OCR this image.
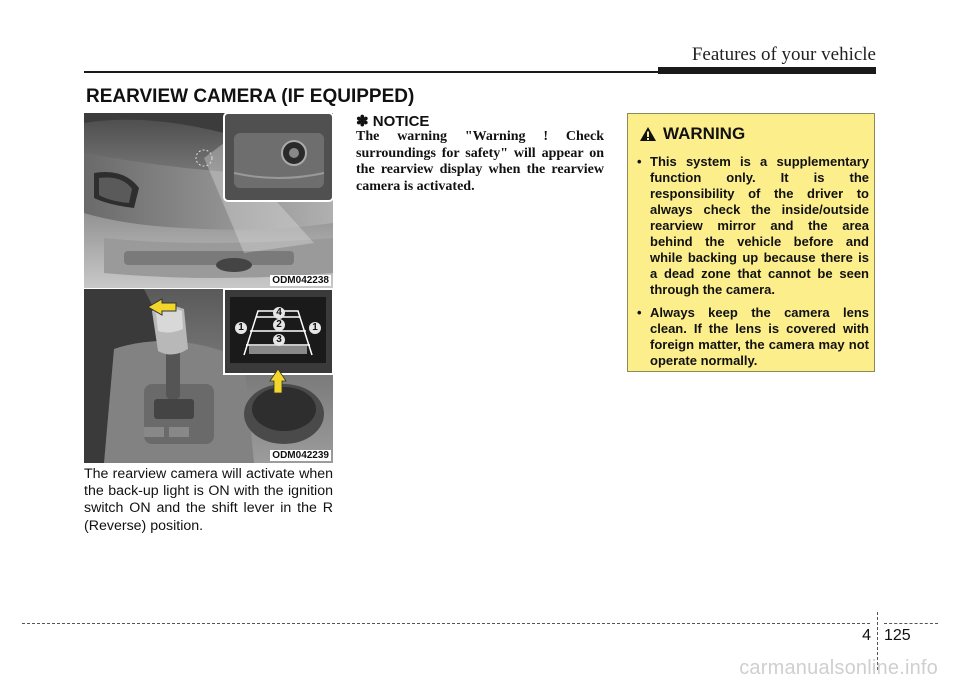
Features of your vehicle
REARVIEW CAMERA (IF EQUIPPED)
ODM042238
4
2
1	1
3
ODM042239

The rearview camera will activate when the back-up light is ON with the ignition switch ON and the shift lever in the R (Reverse) position.

✽ NOTICE

The warning "Warning ! Check surroundings for safety" will appear on the rearview display when the rearview camera is activated.

WARNING
• This system is a supplementary function only. It is the responsibility of the driver to always check the inside/outside rearview mirror and the area behind the vehicle before and while backing up because there is a dead zone that cannot be seen through the camera.
• Always keep the camera lens clean. If the lens is covered with foreign matter, the camera may not operate normally.
4 125
carmanualsonline.info
